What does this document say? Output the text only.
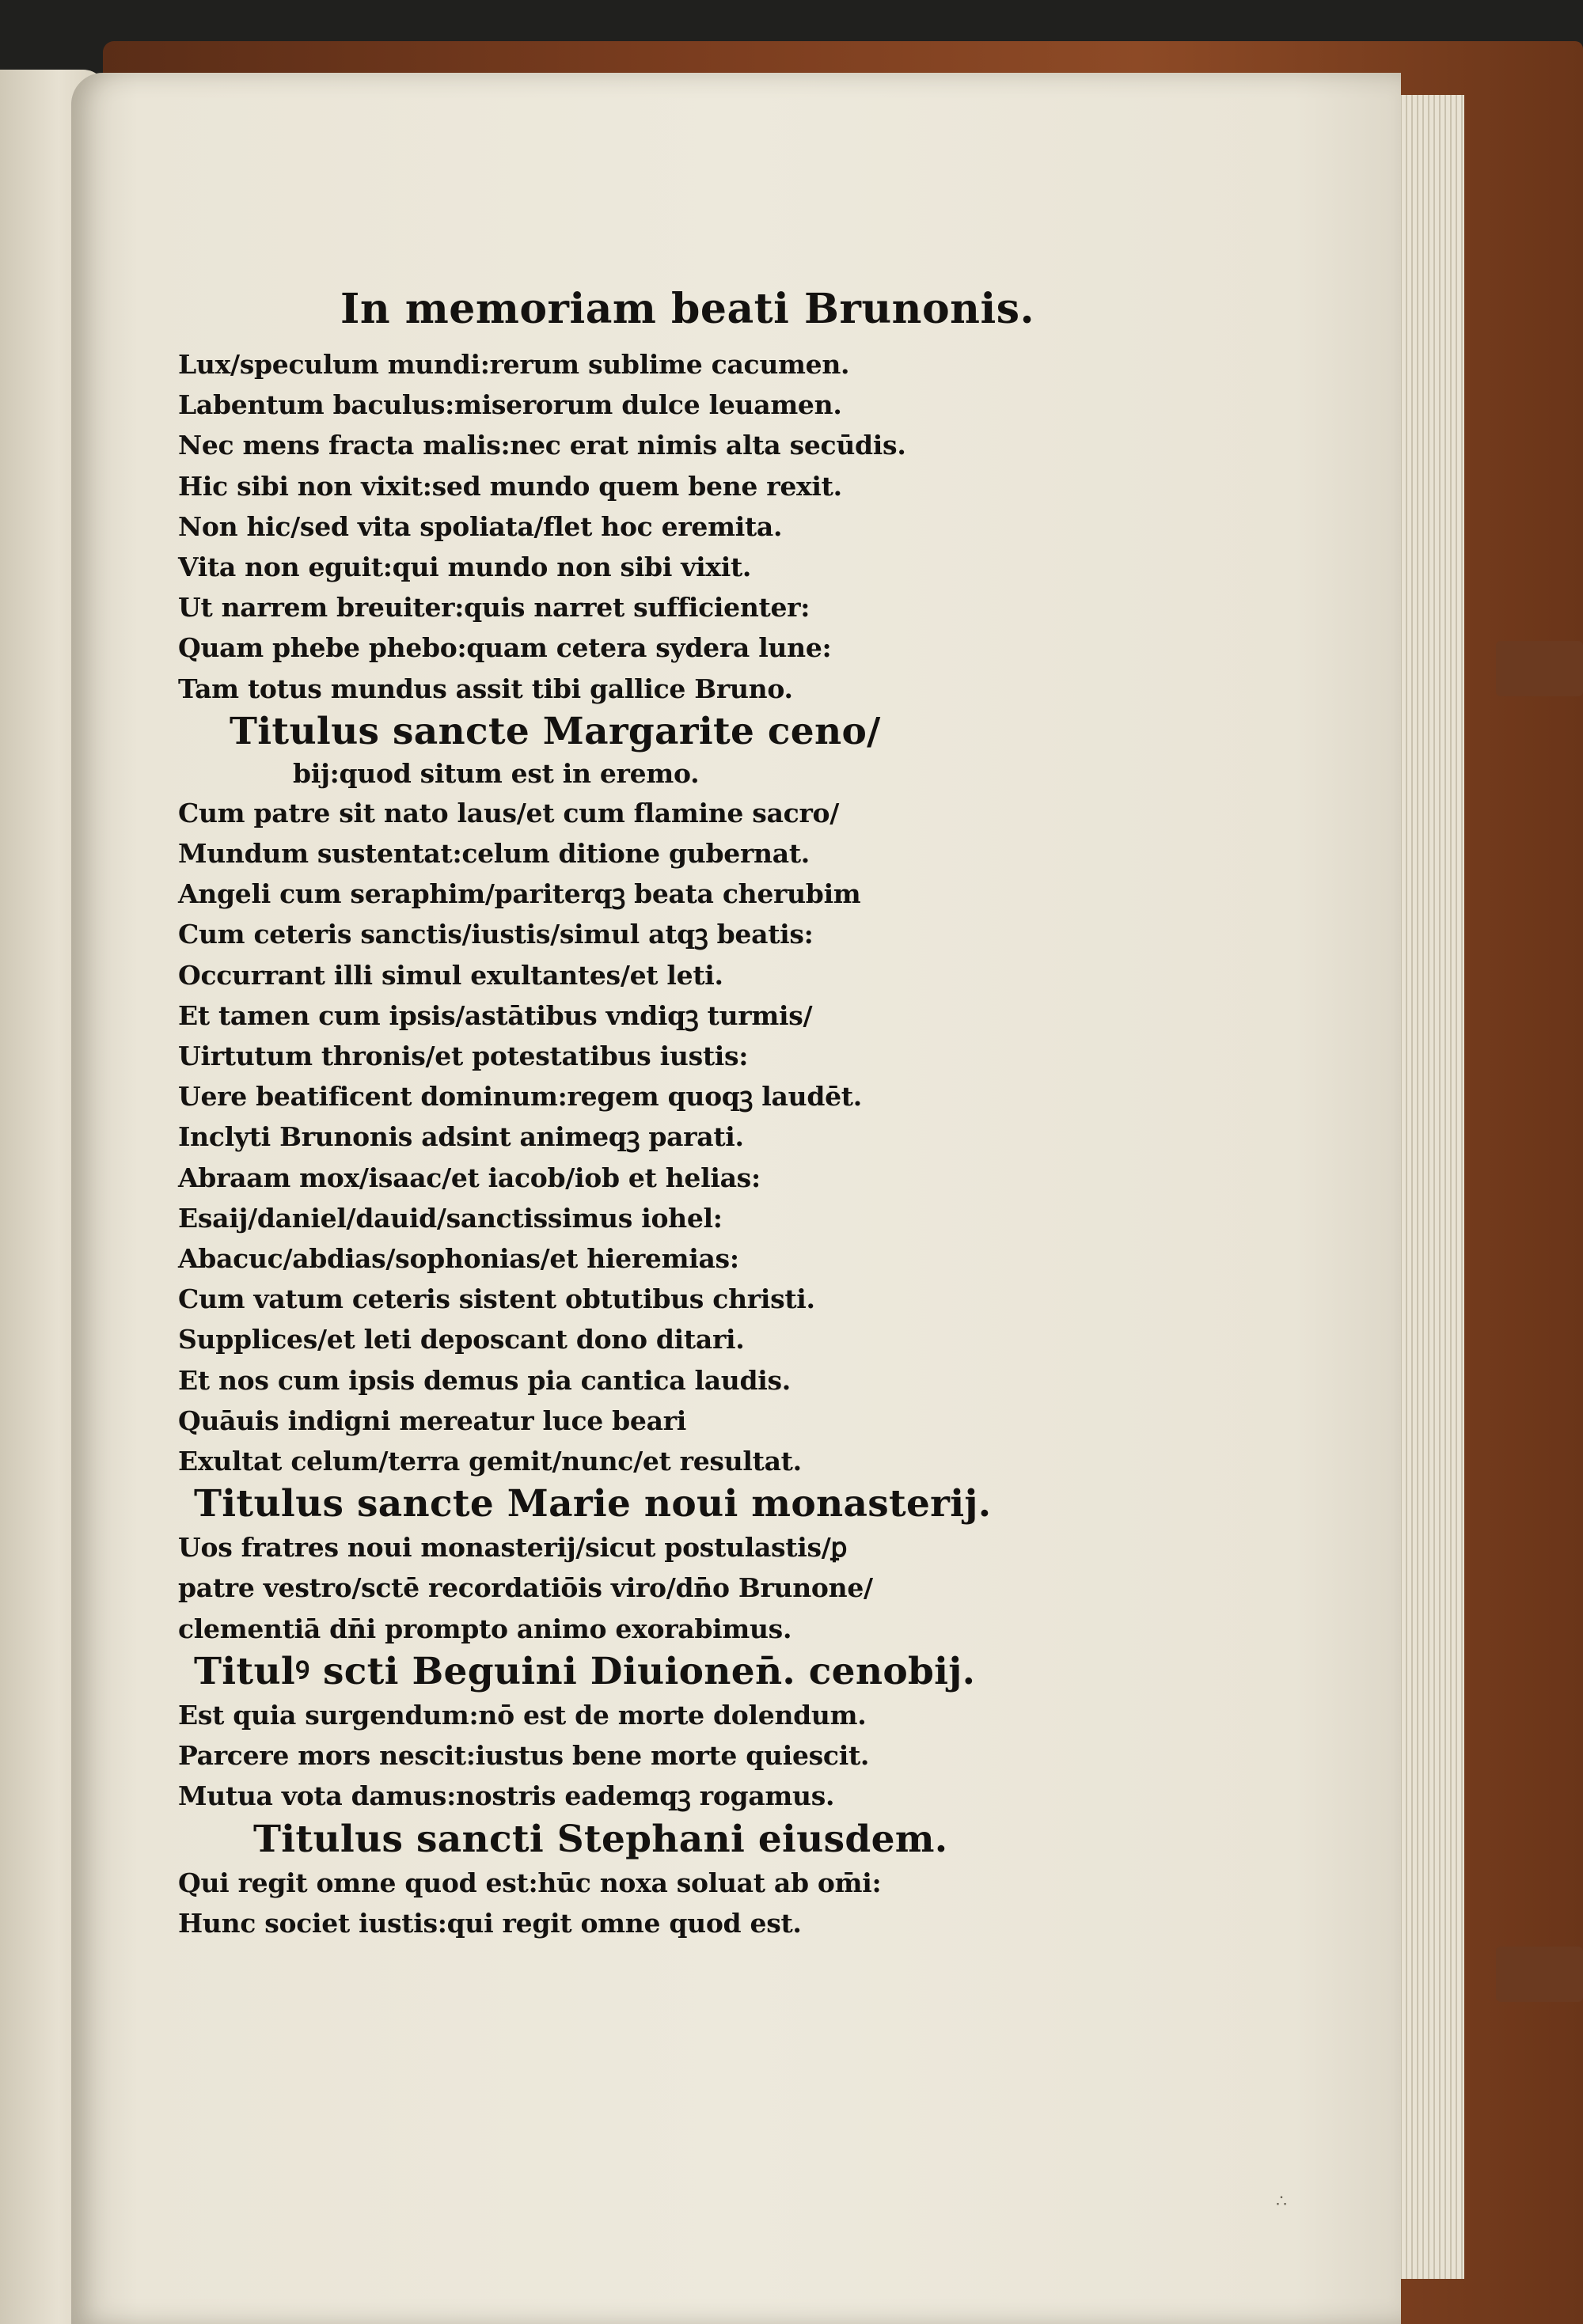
∴
In memoriam beati Brunonis.
Lux/speculum mundi:rerum sublime cacumen.
Labentum baculus:miserorum dulce leuamen.
Nec mens fracta malis:nec erat nimis alta secūdis.
Hic sibi non vixit:sed mundo quem bene rexit.
Non hic/sed vita spoliata/flet hoc eremita.
Vita non eguit:qui mundo non sibi vixit.
Ut narrem breuiter:quis narret sufficienter:
Quam phebe phebo:quam cetera sydera lune:
Tam totus mundus assit tibi gallice Bruno.
Titulus sancte Margarite ceno/
bij:quod situm est in eremo.
Cum patre sit nato laus/et cum flamine sacro/
Mundum sustentat:celum ditione gubernat.
Angeli cum seraphim/pariterqꝫ beata cherubim
Cum ceteris sanctis/iustis/simul atqꝫ beatis:
Occurrant illi simul exultantes/et leti.
Et tamen cum ipsis/astātibus vndiqꝫ turmis/
Uirtutum thronis/et potestatibus iustis:
Uere beatificent dominum:regem quoqꝫ laudēt.
Inclyti Brunonis adsint animeqꝫ parati.
Abraam mox/isaac/et iacob/iob et helias:
Esaij/daniel/dauid/sanctissimus iohel:
Abacuc/abdias/sophonias/et hieremias:
Cum vatum ceteris sistent obtutibus christi.
Supplices/et leti deposcant dono ditari.
Et nos cum ipsis demus pia cantica laudis.
Quāuis indigni mereatur luce beari
Exultat celum/terra gemit/nunc/et resultat.
Titulus sancte Marie noui monasterij.
Uos fratres noui monasterij/sicut postulastis/ꝑ
patre vestro/sctē recordatiōis viro/dn̄o Brunone/
clementiā dn̄i prompto animo exorabimus.
Titulꝰ scti Beguini Diuionen̄. cenobij.
Est quia surgendum:nō est de morte dolendum.
Parcere mors nescit:iustus bene morte quiescit.
Mutua vota damus:nostris eademqꝫ rogamus.
Titulus sancti Stephani eiusdem.
Qui regit omne quod est:hūc noxa soluat ab om̄i:
Hunc societ iustis:qui regit omne quod est.
